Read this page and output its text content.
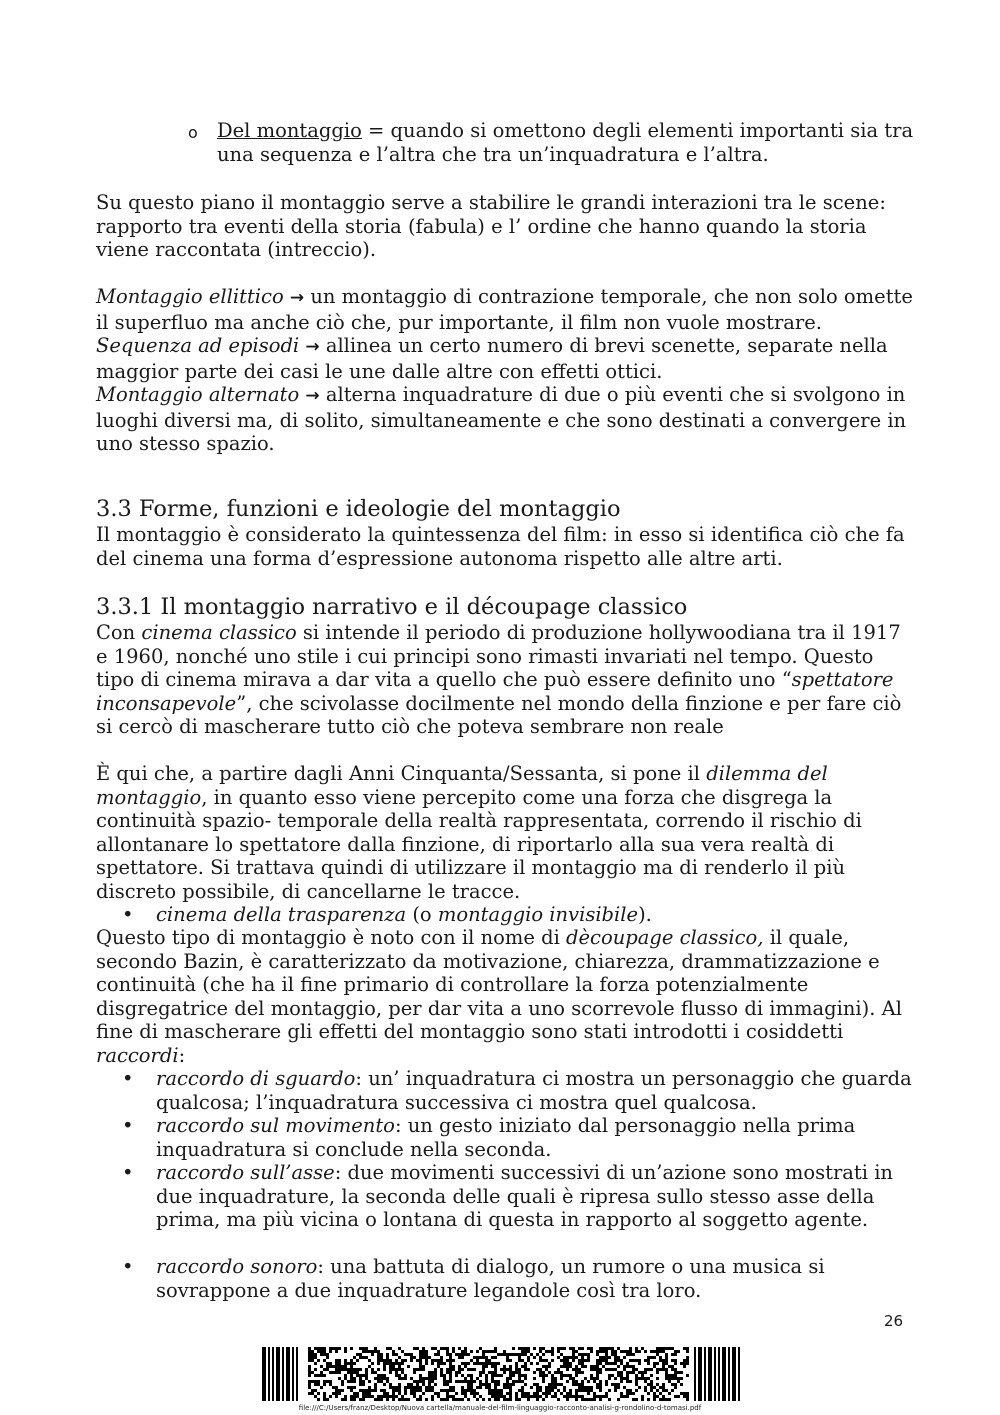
o Del montaggio = quando si omettono degli elementi importanti sia tra una sequenza e l’altra che tra un’inquadratura e l’altra.

Su questo piano il montaggio serve a stabilire le grandi interazioni tra le scene: rapporto tra eventi della storia (fabula) e l’ ordine che hanno quando la storia viene raccontata (intreccio).

Montaggio ellittico → un montaggio di contrazione temporale, che non solo omette il superfluo ma anche ciò che, pur importante, il film non vuole mostrare.
Sequenza ad episodi → allinea un certo numero di brevi scenette, separate nella maggior parte dei casi le une dalle altre con effetti ottici.
Montaggio alternato → alterna inquadrature di due o più eventi che si svolgono in luoghi diversi ma, di solito, simultaneamente e che sono destinati a convergere in uno stesso spazio.
3.3 Forme, funzioni e ideologie del montaggio

Il montaggio è considerato la quintessenza del film: in esso si identifica ciò che fa del cinema una forma d’espressione autonoma rispetto alle altre arti.

3.3.1 Il montaggio narrativo e il découpage classico

Con cinema classico si intende il periodo di produzione hollywoodiana tra il 1917 e 1960, nonché uno stile i cui principi sono rimasti invariati nel tempo. Questo tipo di cinema mirava a dar vita a quello che può essere definito uno “spettatore inconsapevole”, che scivolasse docilmente nel mondo della finzione e per fare ciò si cercò di mascherare tutto ciò che poteva sembrare non reale

È qui che, a partire dagli Anni Cinquanta/Sessanta, si pone il dilemma del montaggio, in quanto esso viene percepito come una forza che disgrega la continuità spazio- temporale della realtà rappresentata, correndo il rischio di allontanare lo spettatore dalla finzione, di riportarlo alla sua vera realtà di spettatore. Si trattava quindi di utilizzare il montaggio ma di renderlo il più discreto possibile, di cancellarne le tracce.

• cinema della trasparenza (o montaggio invisibile).

Questo tipo di montaggio è noto con il nome di dècoupage classico, il quale, secondo Bazin, è caratterizzato da motivazione, chiarezza, drammatizzazione e continuità (che ha il fine primario di controllare la forza potenzialmente disgregatrice del montaggio, per dar vita a uno scorrevole flusso di immagini). Al fine di mascherare gli effetti del montaggio sono stati introdotti i cosiddetti raccordi:

• raccordo di sguardo: un’ inquadratura ci mostra un personaggio che guarda qualcosa; l’inquadratura successiva ci mostra quel qualcosa.

• raccordo sul movimento: un gesto iniziato dal personaggio nella prima inquadratura si conclude nella seconda.

• raccordo sull’asse: due movimenti successivi di un’azione sono mostrati in due inquadrature, la seconda delle quali è ripresa sullo stesso asse della prima, ma più vicina o lontana di questa in rapporto al soggetto agente.

• raccordo sonoro: una battuta di dialogo, un rumore o una musica si sovrappone a due inquadrature legandole così tra loro.

26
file:///C:/Users/franz/Desktop/Nuova cartella/manuale-del-film-linguaggio-racconto-analisi-g-rondolino-d-tomasi.pdf
